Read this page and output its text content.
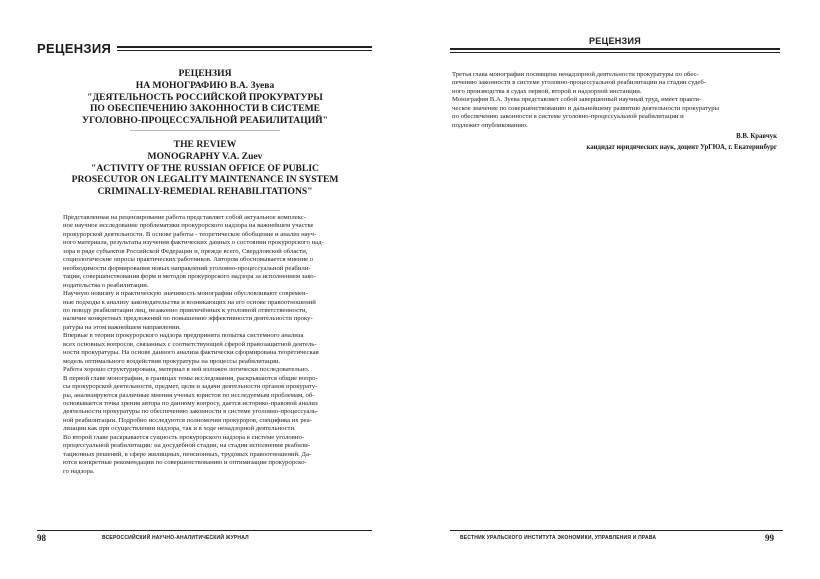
РЕЦЕНЗИЯ
РЕЦЕНЗИЯ
НА МОНОГРАФИЮ В.А. Зуева
"ДЕЯТЕЛЬНОСТЬ РОССИЙСКОЙ ПРОКУРАТУРЫ
ПО ОБЕСПЕЧЕНИЮ ЗАКОННОСТИ В СИСТЕМЕ
УГОЛОВНО-ПРОЦЕССУАЛЬНОЙ РЕАБИЛИТАЦИЙ"
THE REVIEW
MONOGRAPHY V.A. Zuev
"ACTIVITY OF THE RUSSIAN OFFICE OF PUBLIC
PROSECUTOR ON LEGALITY MAINTENANCE IN SYSTEM
CRIMINALLY-REMEDIAL REHABILITATIONS"
Представленная на рецензирование работа представляет собой актуальное комплекс-
ное научное исследование проблематики прокурорского надзора на важнейшем участке
прокурорской деятельности. В основе работы - теоретическое обобщение и анализ науч-
ного материала, результаты изучения фактических данных о состоянии прокурорского над-
зора в ряде субъектов Российской Федерации и, прежде всего, Свердловской области,
социологические опросы практических работников. Автором обосновывается мнение о
необходимости формирования новых направлений уголовно-процессуальной реабили-
тации, совершенствования форм и методов прокурорского надзора за исполнением зако-
нодательства о реабилитации.
Научную новизну и практическую значимость монографии обусловливают современ-
ные подходы к анализу законодательства и возникающих на его основе правоотношений
по поводу реабилитации лиц, незаконно привлечённых к уголовной ответственности,
наличие конкретных предложений по повышению эффективности деятельности проку-
ратуры на этом важнейшем направлении.
Впервые в теории прокурорского надзора предпринята попытка системного анализа
всех основных вопросов, связанных с соответствующей сферой правозащитной деятель-
ности прокуратуры. На основе данного анализа фактически сформирована теоретическая
модель оптимального воздействия прокуратуры на процессы реабилитации.
Работа хорошо структурирована, материал в ней изложен логически последовательно.
В первой главе монографии, в границах темы исследования, раскрываются общие вопро-
сы прокурорской деятельности, предмет, цели и задачи деятельности органов прокурату-
ры, анализируются различные мнения ученых юристов по исследуемым проблемам, об-
основывается точка зрения автора по данному вопросу, дается историко-правовой анализ
деятельности прокуратуры по обеспечению законности в системе уголовно-процессуаль-
ной реабилитации. Подробно исследуются полномочия прокуроров, специфика их реа-
лизации как при осуществлении надзора, так и в ходе ненадзорной деятельности.
Во второй главе раскрывается сущность прокурорского надзора в системе уголовно-
процессуальной реабилитации: на досудебной стадии, на стадии исполнения реабили-
тационных решений, в сфере жилищных, пенсионных, трудовых правоотношений. Да-
ются конкретные рекомендации по совершенствованию и оптимизации прокурорско-
го надзора.
98	ВСЕРОССИЙСКИЙ НАУЧНО-АНАЛИТИЧЕСКИЙ ЖУРНАЛ
РЕЦЕНЗИЯ
Третья глава монографии посвящена ненадзорной деятельности прокуратуры по обес-
печению законности в системе уголовно-процессуальной реабилитации на стадии судеб-
ного производства в судах первой, второй и надзорной инстанции.
Монография В.А. Зуева представляет собой завершенный научный труд, имеет практи-
ческое значение по совершенствованию и дальнейшему развитию деятельности прокуратуры
по обеспечению законности в системе уголовно-процессуальной реабилитации и
подлежит опубликованию.
В.В. Кравчук
кандидат юридических наук, доцент УрГЮА, г. Екатеринбург
ВЕСТНИК УРАЛЬСКОГО ИНСТИТУТА ЭКОНОМИКИ, УПРАВЛЕНИЯ И ПРАВА	99
